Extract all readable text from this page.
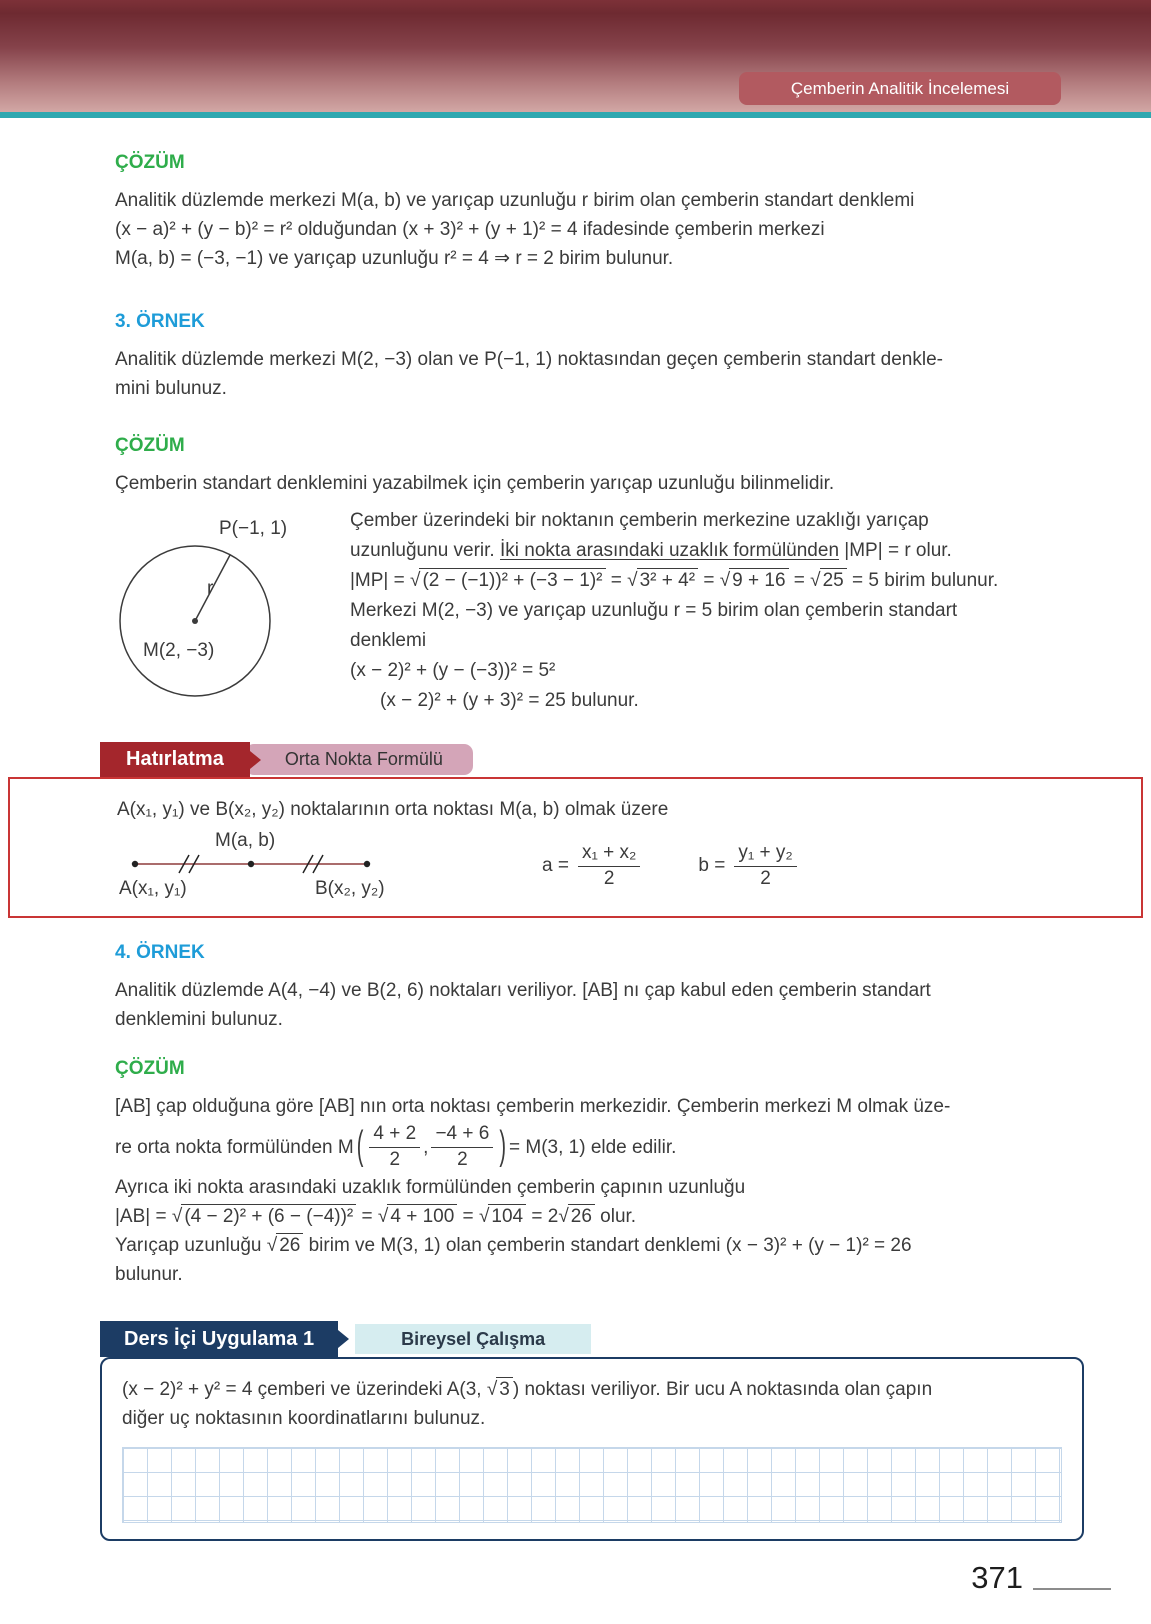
Çemberin Analitik İncelemesi
ÇÖZÜM
Analitik düzlemde merkezi M(a, b) ve yarıçap uzunluğu r birim olan çemberin standart denklemi
(x − a)² + (y − b)² = r² olduğundan (x + 3)² + (y + 1)² = 4 ifadesinde çemberin merkezi
M(a, b) = (−3, −1) ve yarıçap uzunluğu r² = 4 ⇒ r = 2 birim bulunur.
3. ÖRNEK
Analitik düzlemde merkezi M(2, −3) olan ve P(−1, 1) noktasından geçen çemberin standart denkle-
mini bulunuz.
ÇÖZÜM
Çemberin standart denklemini yazabilmek için çemberin yarıçap uzunluğu bilinmelidir.
P(−1, 1)
r
M(2, −3)
Çember üzerindeki bir noktanın çemberin merkezine uzaklığı yarıçap
uzunluğunu verir. İki nokta arasındaki uzaklık formülünden |MP| = r olur.
|MP| = √ (2 − (−1))² + (−3 − 1)² = √ 3² + 4² = √ 9 + 16 = √ 25 = 5 birim bulunur.
Merkezi M(2, −3) ve yarıçap uzunluğu r = 5 birim olan çemberin standart
denklemi
(x − 2)² + (y − (−3))² = 5²
(x − 2)² + (y + 3)² = 25 bulunur.
Hatırlatma	Orta Nokta Formülü
A(x₁, y₁) ve B(x₂, y₂) noktalarının orta noktası M(a, b) olmak üzere
M(a, b)
A(x₁, y₁)	B(x₂, y₂)
$a = \frac{\text{x₁ + x₂}}{2}$	$b = \frac{\text{y₁ + y₂}}{2}$
4. ÖRNEK
Analitik düzlemde A(4, −4) ve B(2, 6) noktaları veriliyor. [AB] nı çap kabul eden çemberin standart
denklemini bulunuz.
ÇÖZÜM
[AB] çap olduğuna göre [AB] nın orta noktası çemberin merkezidir. Çemberin merkezi M olmak üze-
re orta nokta formülünden M ( $\frac{4 + 2}{2}$ , $\frac{-4 + 6}{2}$ ) = M(3, 1) elde edilir.
Ayrıca iki nokta arasındaki uzaklık formülünden çemberin çapının uzunluğu
|AB| = √ (4 − 2)² + (6 − (−4))² = √ 4 + 100 = √ 104 = 2 √ 26 olur.
Yarıçap uzunluğu √ 26 birim ve M(3, 1) olan çemberin standart denklemi (x − 3)² + (y − 1)² = 26
bulunur.
Ders İçi Uygulama 1	Bireysel Çalışma
(x − 2)² + y² = 4 çemberi ve üzerindeki A(3, √ 3 ) noktası veriliyor. Bir ucu A noktasında olan çapın
diğer uç noktasının koordinatlarını bulunuz.
371
